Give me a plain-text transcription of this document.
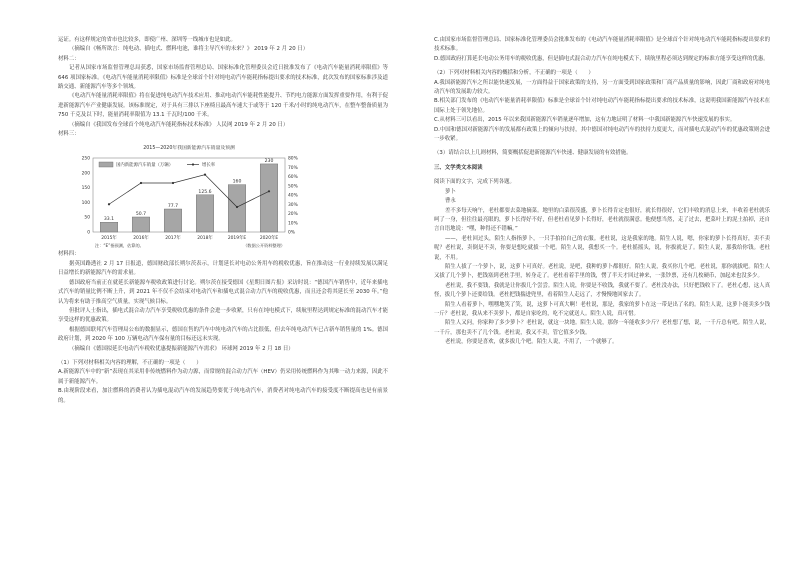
运证。有这样规定的省市也比较多，即使广州、深圳等一线城市也是如此。

（摘编自《畅所欲言：纯电动、插电式、燃料电池，谁将主导汽车的未来？》 2019 年 2 月 20 日）

材料二：

记者从国家市场监督管理总局获悉，国家市场监督管理总局、国家标准化管理委员会近日批准发布了《电动汽车能量消耗率限值》等 646 项国家标准。《电动汽车能量消耗率限值》标准是全球首个针对纯电动汽车能耗指标提出要求的技术标准，此次发布的国家标准涉及道路交通、新能源汽车等多个领域。

《电动汽车能量消耗率限值》将在促进纯电动汽车技术应用、推动电动汽车能耗性能提升、节约电力能源方面发挥重要作用，有利于促进新能源汽车产业健康发展。该标准规定，对于具有三排以下座椅且最高车速大于或等于 120 千米/小时的纯电动汽车，在整车整备质量为 750 千克及以下时，能量消耗率限值为 13.1 千瓦时/100 千米。

（摘编自《我国发布全球首个纯电动汽车能耗指标技术标准》 人民网 2019 年 2 月 20 日）

材料三：

2015—2020年我国新能源汽车销量及预测
0
50
100
150
200
250
0%
10%
20%
30%
40%
50%
60%
70%
80%
33.1
2015年
50.7
2016年
77.7
2017年
125.6
2018年
160
2019年E
230
2020年E
国内新能源汽车销量（万辆）	增长率
注：“E”指预测，估算的。	（数据公开资料整理）

材料四：

据英国路透社 2 月 17 日报道，德国财政部长朔尔茨表示，计划延长对电动公务用车的税收优惠，旨在推动这一行业持续发展以满足日益增长的新能源汽车的需求量。

德国政府当前正在就延长新能源车税收政策进行讨论。朔尔茨在接受德国《星期日图片报》采访时说：“德国汽车销售中，近年来插电式汽车的销量比例不断上升，到 2021 年不仅不会结束对电动汽车和插电式混合动力汽车的税收优惠，而且还会将其延长至 2030 年。”他认为将来有助于推高空气质量，实现气候目标。

但批评人士指出，插电式混合动力汽车享受税收优惠的条件会进一步收紧，只有在纯电模式下，续航里程达到规定标准的混动汽车才能享受这样的优惠政策。

根据德国联邦汽车管理局公布的数据显示，德国在售的汽车中纯电动汽车的占比很低，但去年纯电动汽车已占新车销售量的 1%。德国政府计划，到 2020 年 100 万辆电动汽车保有量的目标还远未实现。

（摘编自《德国拟延长电动汽车税收优惠提振新能源汽车需求》 环球网 2019 年 2 月 18 日）

（1）下列对材料相关内容的理解，不正确的一项是（　　）

A.新能源汽车中的“新”表现在其采用非传统燃料作为动力源，而常规的混合动力汽车（HEV）仍采用传统燃料作为其唯一动力来源，因此不属于新能源汽车。

B.由现阶段来看，加注燃料的消费者认为插电混动汽车的发展趋势要优于纯电动汽车，消费者对纯电动汽车的接受度不断提高也是有前景的。

C.由国家市场监督管理总局、国家标准化管理委员会批准发布的《电动汽车能量消耗率限值》是全球首个针对纯电动汽车能耗指标提出要求的技术标准。

D.德国政府打算延长电动公务用车的税收优惠，但是插电式混合动力汽车在纯电模式下，续航里程必须达到规定的标准方能享受这样的优惠。

（2）下列对材料相关内容的概括和分析，不正确的一项是（　　）

A.我国新能源汽车之所以能快速发展，一方面得益于国家政策的支持，另一方面受到国家政策和厂商产品质量的影响，因此厂商和政府对纯电动汽车的发展助力较大。

B.相关部门发布的《电动汽车能量消耗率限值》标准是全球首个针对纯电动汽车能耗指标提出要求的技术标准，这说明我国新能源汽车技术在国际上处于领先地位。

C.从材料三可以看出，2015 年以来我国新能源汽车销量逐年增加，这有力地证明了材料一中我国新能源汽车快速发展的事实。

D.中国和德国对新能源汽车的发展都有政策上的倾向与扶持，其中德国对纯电动汽车的扶持力度更大，而对插电式混动汽车的优惠政策则会进一步收紧。

（3）请结合以上几则材料，简要概括促进新能源汽车快速、健康发展的有效措施。

三、文学类文本阅读

阅读下面的文字，完成下列各题。

萝卜

曹永

差不多每天响午，老杜都要去菜地摘菜。地里的白菜很茂盛，萝卜长得肯定也很好，就长得很好，它们丰收的消息上来，丰收着老杜就乐呵了一身，但往往最亮眼的，萝卜长得好不好，但老杜看见萝卜长得好，老杜就很满意。他便想当然，走了过去，把菜叶上的泥土拍掉，还自言自语地说：“嘿，种得还不错嘛。”

——，老杜回过头，陌生人指指萝卜，一只手拍拍自己的衣服。老杜说，这是我家的地。陌生人说，嗯，你家的萝卜长得真好，卖不卖呢？老杜说，卖倒是不卖，你要是想吃就拔一个吧。陌生人说，我想买一个。老杜摇摇头，说，你拔就是了。陌生人说，那我给你钱。老杜说，不用。

陌生人拔了一个萝卜，说，这萝卜可真好。老杜说，是吧，我种的萝卜都很好。陌生人说，我买你几个吧。老杜说，那你就拔吧。陌生人又拔了几个萝卜，把钱塞到老杜手里，转身走了。老杜看着手里的钱，愣了半天才回过神来，一张钞票，还有几枚硬币，加起来也没多少。

老杜说，我不要钱，我就是让你拔几个尝尝。陌生人说，你要是不收钱，我就不要了。老杜没办法，只好把钱收下了。老杜心想，这人真怪，拔几个萝卜还要给钱。老杜把钱揣进兜里，看着陌生人走远了，才慢慢地回家去了。

陌生人看着萝卜，嘿嘿地笑了笑，说，这萝卜可真大啊！老杜说，那是，我家的萝卜在这一带是出了名的。陌生人说，这萝卜能卖多少钱一斤？老杜说，我从来不卖萝卜，都是自家吃的，吃不完就送人。陌生人说，真可惜。

陌生人又问，你家种了多少萝卜？老杜说，就这一块地。陌生人说，那你一年能收多少斤？老杜想了想，说，一千斤总有吧。陌生人说，一千斤，那也卖不了几个钱。老杜说，我又不卖，管它值多少钱。

老杜说，你要是喜欢，就多拔几个吧。陌生人说，不用了，一个就够了。
